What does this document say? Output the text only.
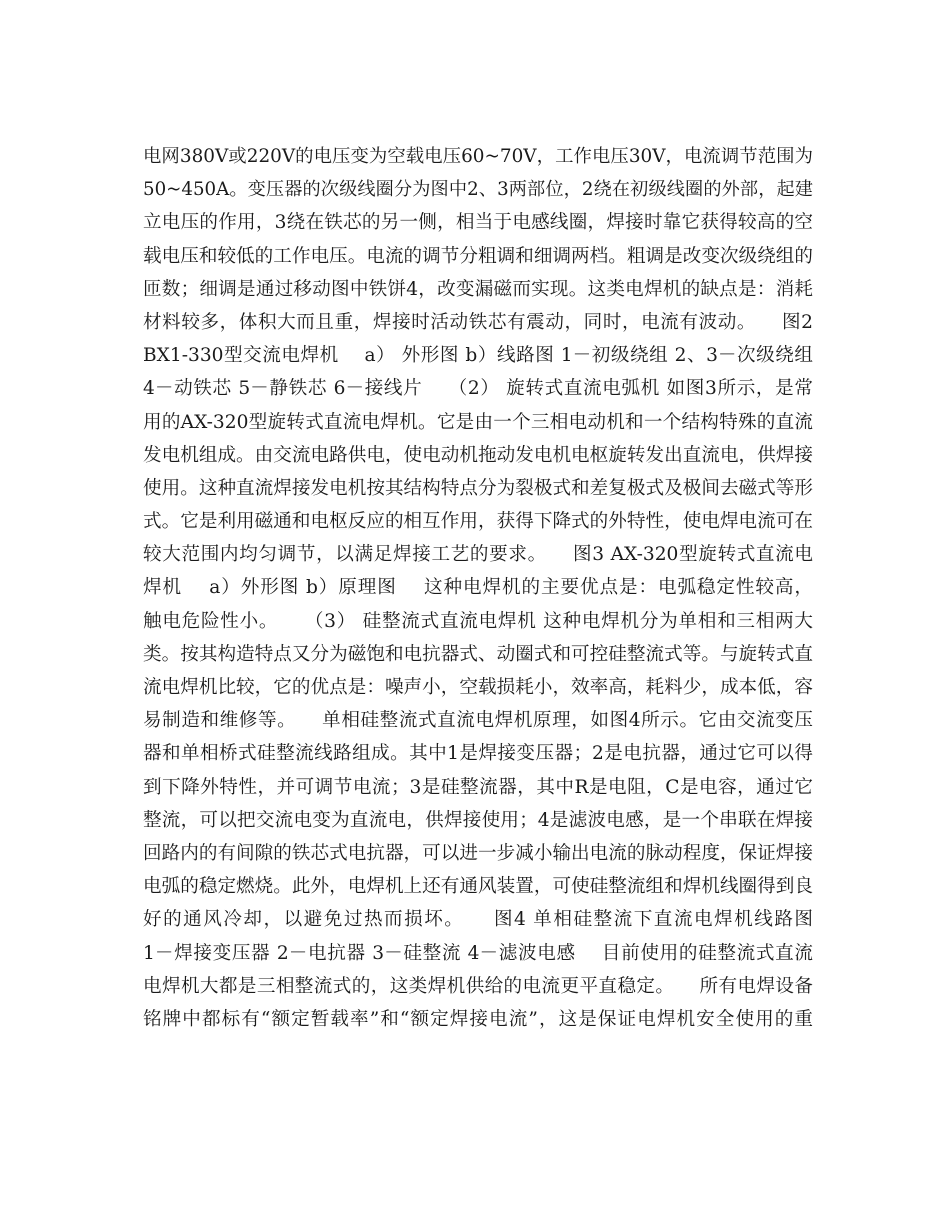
电网380V或220V的电压变为空载电压60~70V，工作电压30V，电流调节范围为
50~450A。变压器的次级线圈分为图中2、3两部位，2绕在初级线圈的外部，起建
立电压的作用，3绕在铁芯的另一侧，相当于电感线圈，焊接时靠它获得较高的空
载电压和较低的工作电压。电流的调节分粗调和细调两档。粗调是改变次级绕组的
匝数；细调是通过移动图中铁饼4，改变漏磁而实现。这类电焊机的缺点是：消耗
材料较多，体积大而且重，焊接时活动铁芯有震动，同时，电流有波动。    图2
BX1-330型交流电焊机    a） 外形图 b）线路图 1－初级绕组 2、3－次级绕组
4－动铁芯 5－静铁芯 6－接线片    （2） 旋转式直流电弧机 如图3所示，是常
用的AX-320型旋转式直流电焊机。它是由一个三相电动机和一个结构特殊的直流
发电机组成。由交流电路供电，使电动机拖动发电机电枢旋转发出直流电，供焊接
使用。这种直流焊接发电机按其结构特点分为裂极式和差复极式及极间去磁式等形
式。它是利用磁通和电枢反应的相互作用，获得下降式的外特性，使电焊电流可在
较大范围内均匀调节，以满足焊接工艺的要求。    图3 AX-320型旋转式直流电
焊机    a）外形图 b）原理图    这种电焊机的主要优点是：电弧稳定性较高，
触电危险性小。    （3） 硅整流式直流电焊机 这种电焊机分为单相和三相两大
类。按其构造特点又分为磁饱和电抗器式、动圈式和可控硅整流式等。与旋转式直
流电焊机比较，它的优点是：噪声小，空载损耗小，效率高，耗料少，成本低，容
易制造和维修等。    单相硅整流式直流电焊机原理，如图4所示。它由交流变压
器和单相桥式硅整流线路组成。其中1是焊接变压器；2是电抗器，通过它可以得
到下降外特性，并可调节电流；3是硅整流器，其中R是电阻，C是电容，通过它
整流，可以把交流电变为直流电，供焊接使用；4是滤波电感，是一个串联在焊接
回路内的有间隙的铁芯式电抗器，可以进一步减小输出电流的脉动程度，保证焊接
电弧的稳定燃烧。此外，电焊机上还有通风装置，可使硅整流组和焊机线圈得到良
好的通风冷却，以避免过热而损坏。    图4 单相硅整流下直流电焊机线路图
1－焊接变压器 2－电抗器 3－硅整流 4－滤波电感    目前使用的硅整流式直流
电焊机大都是三相整流式的，这类焊机供给的电流更平直稳定。    所有电焊设备
铭牌中都标有“额定暂载率”和“额定焊接电流”，这是保证电焊机安全使用的重
